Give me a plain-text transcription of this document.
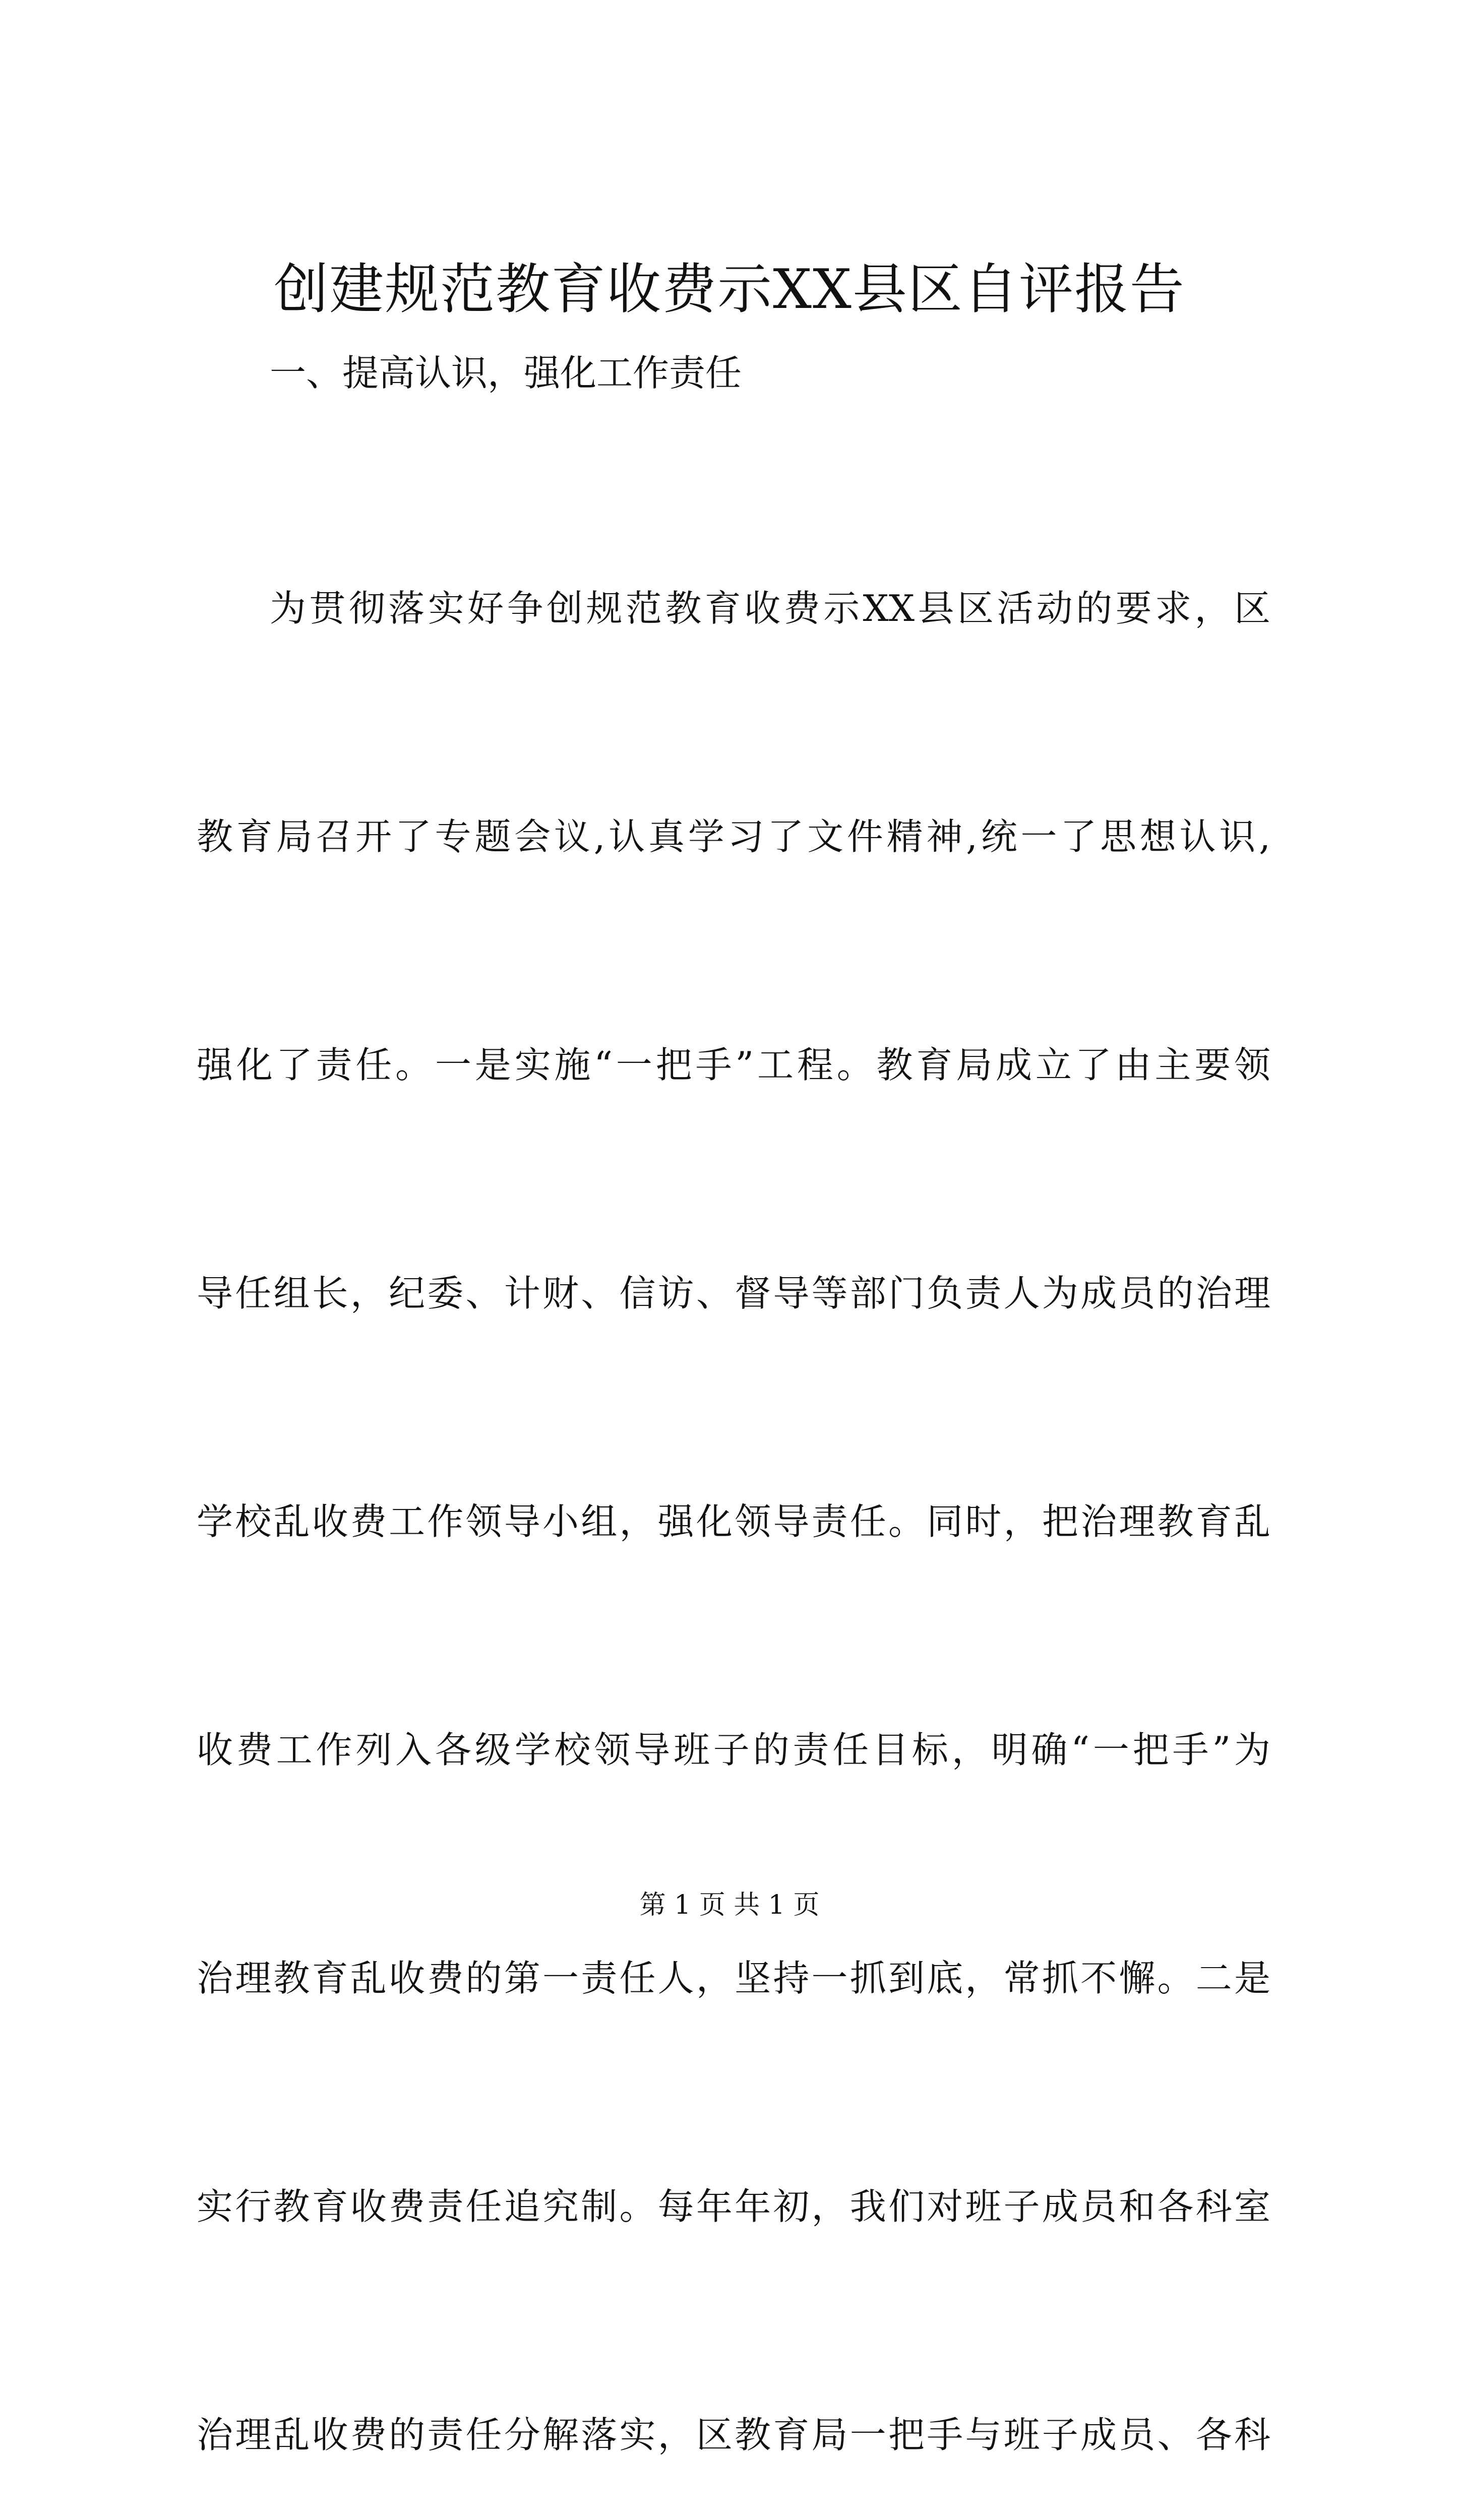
创建规范教育收费示XX县区自评报告
一、提高认识，强化工作责任

为贯彻落实好争创规范教育收费示XX县区活动的要求，区

教育局召开了专题会议,认真学习了文件精神,统一了思想认识,

强化了责任。一是实施“一把手”工程。教育局成立了由主要领

导任组长，纪委、计财、信访、督导等部门负责人为成员的治理

学校乱收费工作领导小组，强化领导责任。同时，把治理教育乱

收费工作列入各级学校领导班子的责任目标，明确“一把手”为

治理教育乱收费的第一责任人，坚持一抓到底，常抓不懈。二是

实行教育收费责任追究制。每年年初，我们对班子成员和各科室

治理乱收费的责任分解落实，区教育局一把手与班子成员、各科

第 1 页 共 1 页
